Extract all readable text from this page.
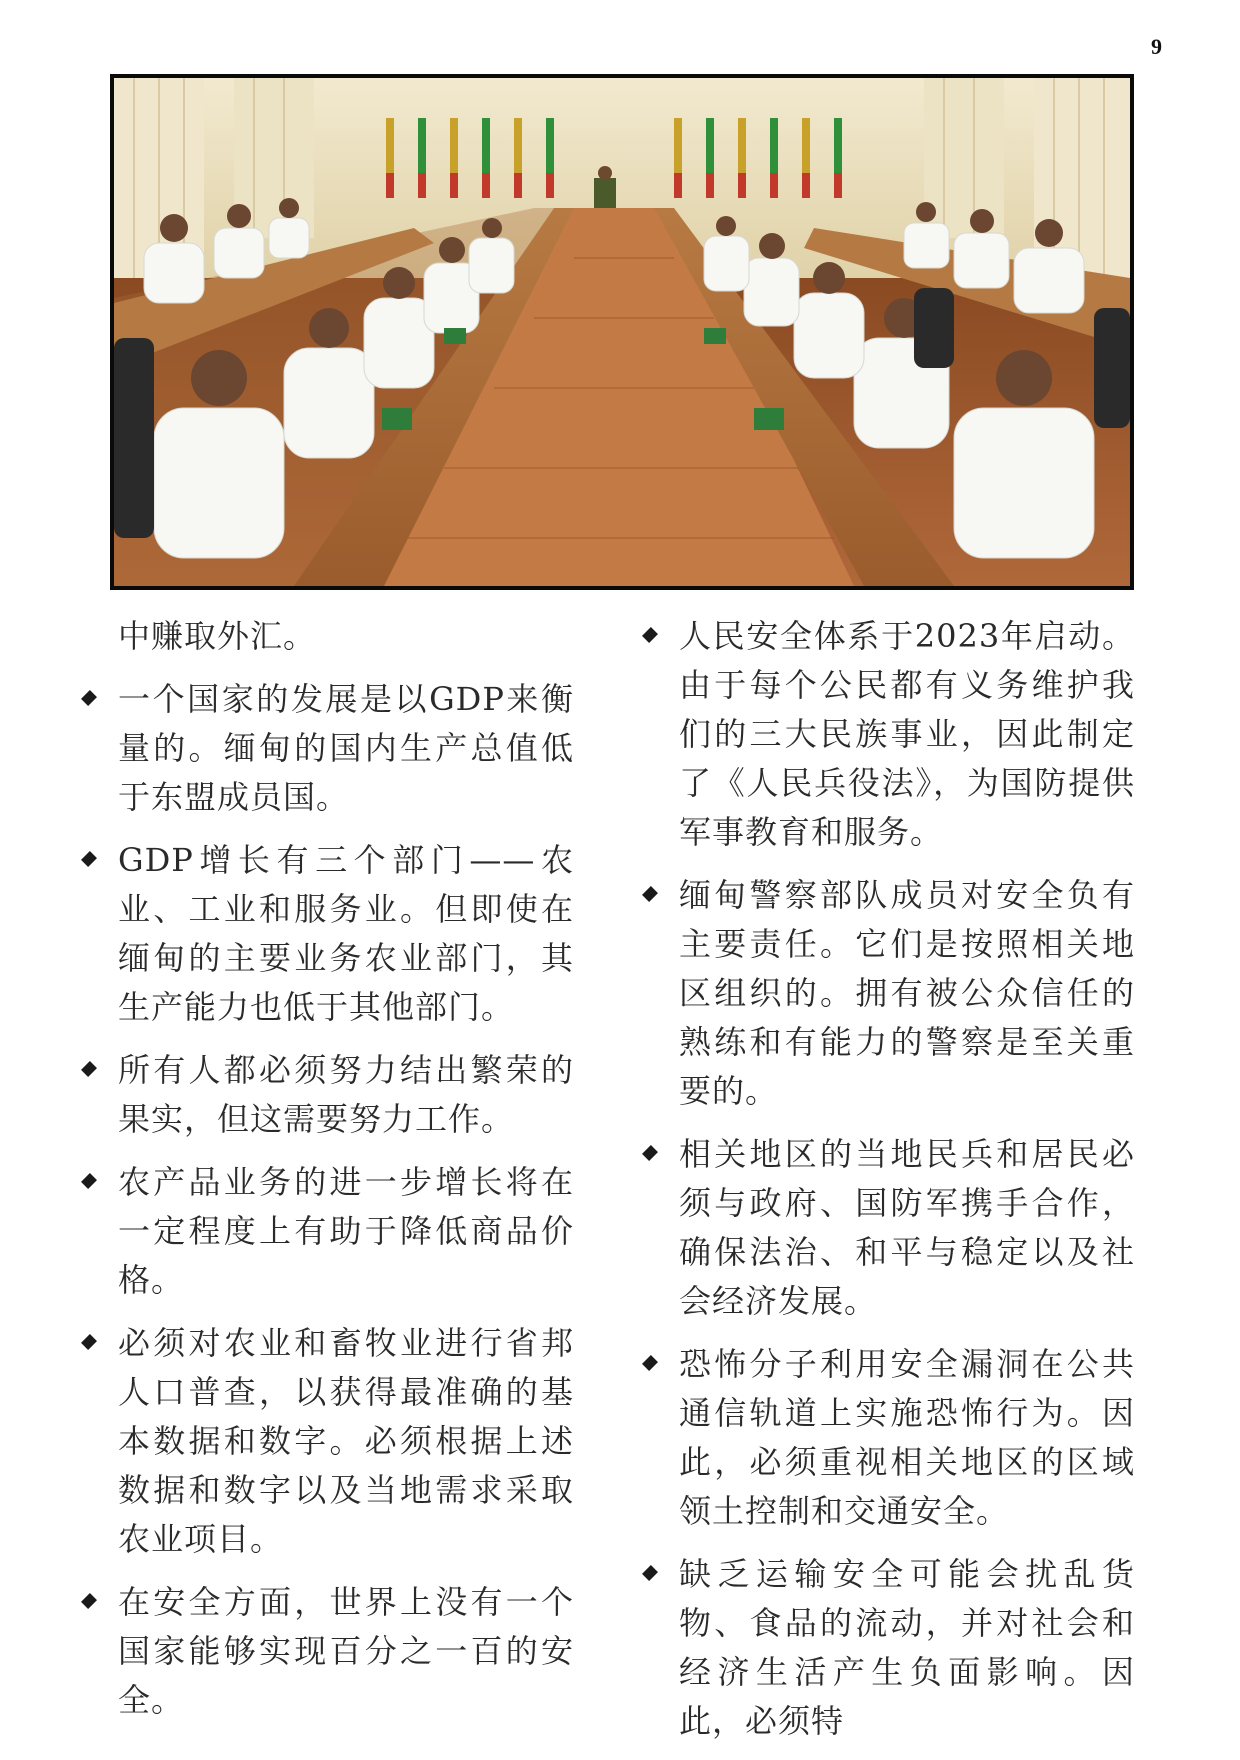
9

中赚取外汇。

一个国家的发展是以GDP来衡量的。缅甸的国内生产总值低于东盟成员国。
GDP增长有三个部门——农业、工业和服务业。但即使在缅甸的主要业务农业部门，其生产能力也低于其他部门。
所有人都必须努力结出繁荣的果实，但这需要努力工作。
农产品业务的进一步增长将在一定程度上有助于降低商品价格。
必须对农业和畜牧业进行省邦人口普查，以获得最准确的基本数据和数字。必须根据上述数据和数字以及当地需求采取农业项目。
在安全方面，世界上没有一个国家能够实现百分之一百的安全。
人民安全体系于2023年启动。由于每个公民都有义务维护我们的三大民族事业，因此制定了《人民兵役法》，为国防提供军事教育和服务。
缅甸警察部队成员对安全负有主要责任。它们是按照相关地区组织的。拥有被公众信任的熟练和有能力的警察是至关重要的。
相关地区的当地民兵和居民必须与政府、国防军携手合作，确保法治、和平与稳定以及社会经济发展。
恐怖分子利用安全漏洞在公共通信轨道上实施恐怖行为。因此，必须重视相关地区的区域领土控制和交通安全。
缺乏运输安全可能会扰乱货物、食品的流动，并对社会和经济生活产生负面影响。因此，必须特
